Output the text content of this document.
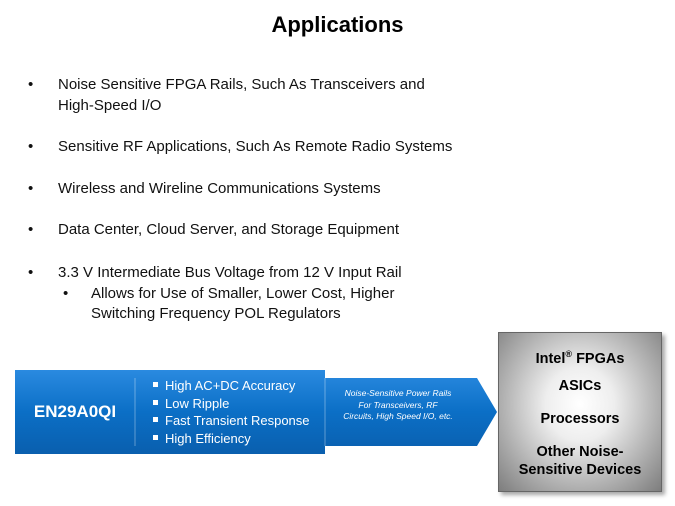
Applications
• Noise Sensitive FPGA Rails, Such As Transceivers and
High-Speed I/O
• Sensitive RF Applications, Such As Remote Radio Systems
• Wireless and Wireline Communications Systems
• Data Center, Cloud Server, and Storage Equipment
• 3.3 V Intermediate Bus Voltage from 12 V Input Rail
• Allows for Use of Smaller, Lower Cost, Higher
Switching Frequency POL Regulators
EN29A0QI
High AC+DC Accuracy
Low Ripple
Fast Transient Response
High Efficiency
Noise-Sensitive Power Rails
For Transceivers, RF
Circuits, High Speed I/O, etc.
Intel® FPGAs
ASICs
Processors
Other Noise-
Sensitive Devices
